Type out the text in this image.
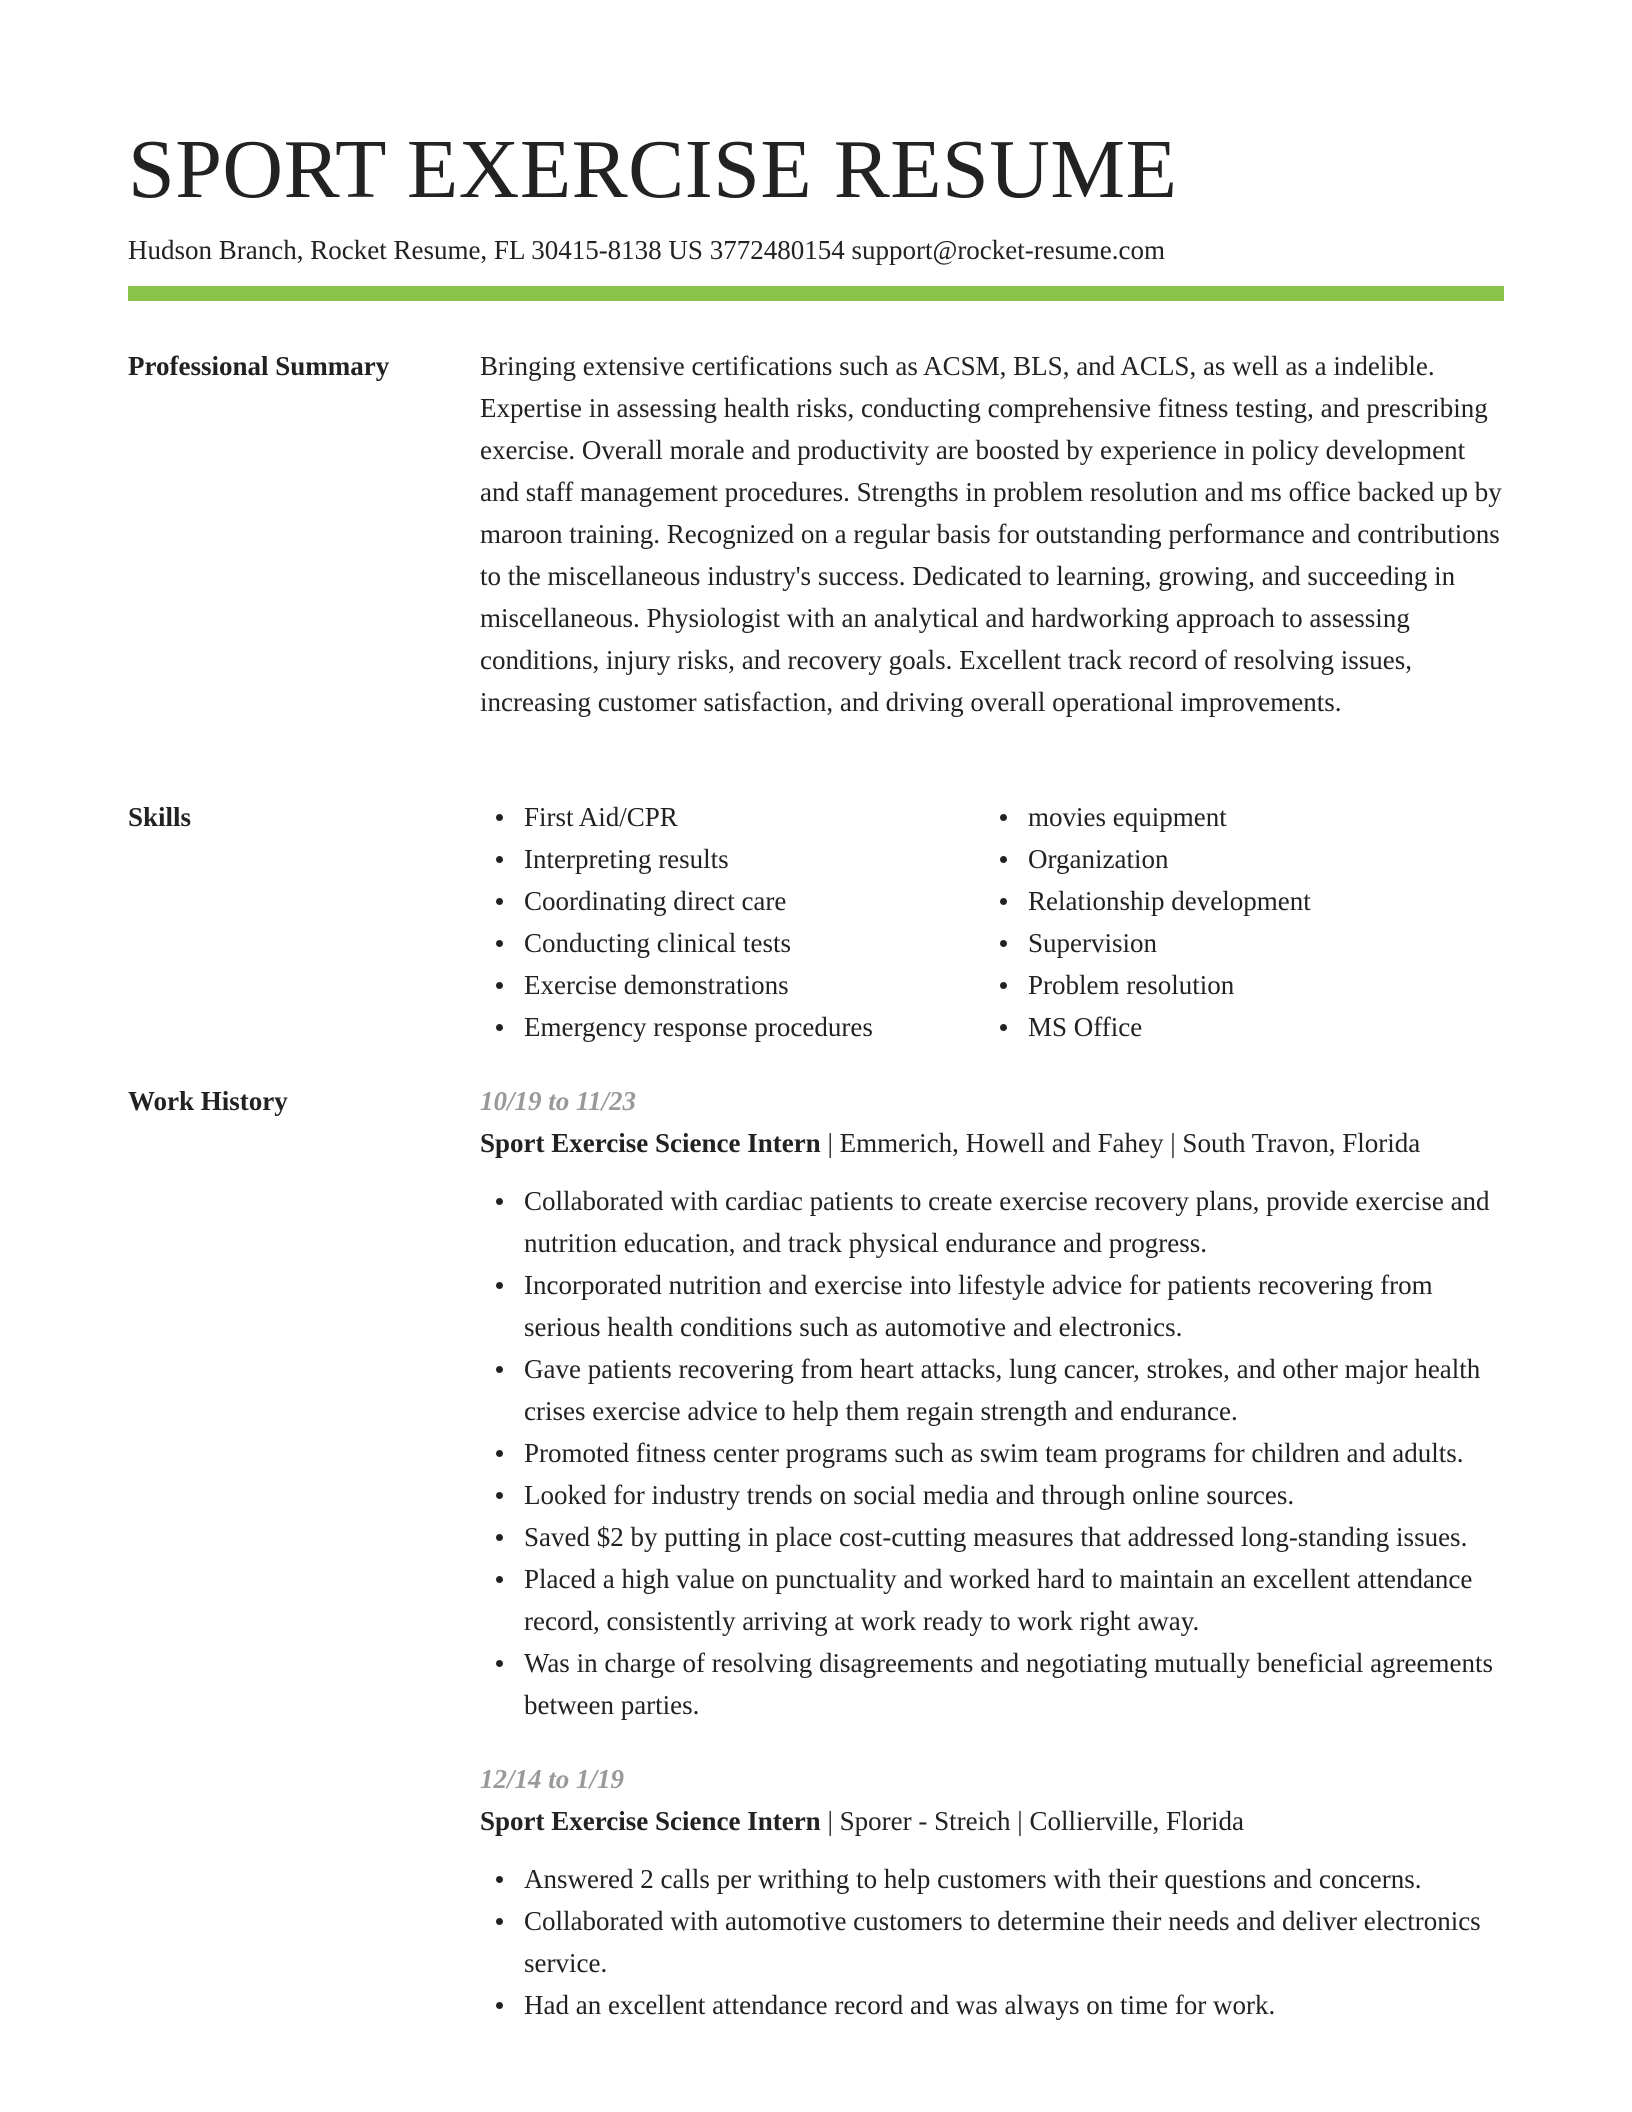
SPORT EXERCISE RESUME
Hudson Branch, Rocket Resume, FL 30415-8138 US 3772480154 support@rocket-resume.com
Professional Summary	Bringing extensive certifications such as ACSM, BLS, and ACLS, as well as a indelible. Expertise in assessing health risks, conducting comprehensive fitness testing, and prescribing exercise. Overall morale and productivity are boosted by experience in policy development and staff management procedures. Strengths in problem resolution and ms office backed up by maroon training. Recognized on a regular basis for outstanding performance and contributions to the miscellaneous industry's success. Dedicated to learning, growing, and succeeding in miscellaneous. Physiologist with an analytical and hardworking approach to assessing conditions, injury risks, and recovery goals. Excellent track record of resolving issues, increasing customer satisfaction, and driving overall operational improvements.

Skills	First Aid/CPR
Interpreting results
Coordinating direct care
Conducting clinical tests
Exercise demonstrations
Emergency response procedures
movies equipment
Organization
Relationship development
Supervision
Problem resolution
MS Office
Work History	10/19 to 11/23
Sport Exercise Science Intern | Emmerich, Howell and Fahey | South Travon, Florida
Collaborated with cardiac patients to create exercise recovery plans, provide exercise and nutrition education, and track physical endurance and progress.
Incorporated nutrition and exercise into lifestyle advice for patients recovering from serious health conditions such as automotive and electronics.
Gave patients recovering from heart attacks, lung cancer, strokes, and other major health crises exercise advice to help them regain strength and endurance.
Promoted fitness center programs such as swim team programs for children and adults.
Looked for industry trends on social media and through online sources.
Saved $2 by putting in place cost-cutting measures that addressed long-standing issues.
Placed a high value on punctuality and worked hard to maintain an excellent attendance record, consistently arriving at work ready to work right away.
Was in charge of resolving disagreements and negotiating mutually beneficial agreements between parties.
12/14 to 1/19
Sport Exercise Science Intern | Sporer - Streich | Collierville, Florida
Answered 2 calls per writhing to help customers with their questions and concerns.
Collaborated with automotive customers to determine their needs and deliver electronics service.
Had an excellent attendance record and was always on time for work.
